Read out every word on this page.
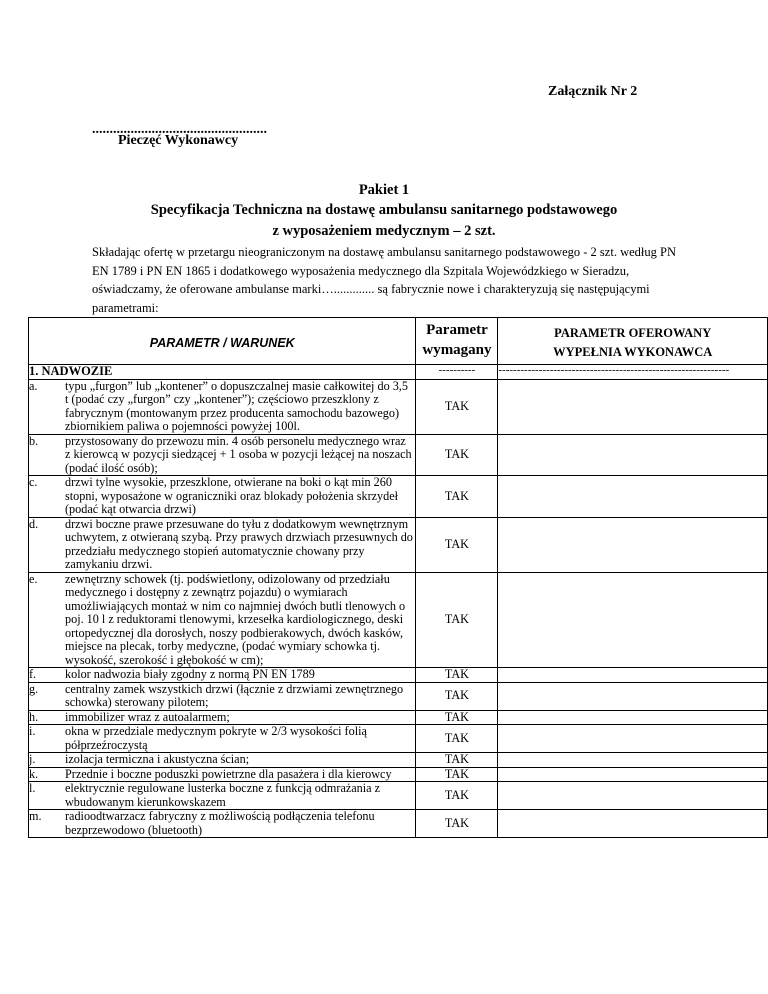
Załącznik Nr 2
..................................................
Pieczęć Wykonawcy
Pakiet 1
Specyfikacja Techniczna na dostawę ambulansu sanitarnego podstawowego
z wyposażeniem medycznym – 2 szt.
Składając ofertę w przetargu nieograniczonym na dostawę ambulansu sanitarnego podstawowego - 2 szt. według PN EN 1789 i PN EN 1865 i dodatkowego wyposażenia medycznego dla Szpitala Wojewódzkiego w Sieradzu, oświadczamy, że oferowane ambulanse marki…............. są fabrycznie nowe i charakteryzują się następującymi parametrami:
PARAMETR / WARUNEK	Parametr wymagany	PARAMETR OFEROWANY
WYPEŁNIA WYKONAWCA

1. NADWOZIE	----------	---------------------------------------------------------------

a. typu „furgon” lub „kontener” o dopuszczalnej masie całkowitej do 3,5 t (podać czy „furgon” czy „kontener”); częściowo przeszklony z fabrycznym (montowanym przez producenta samochodu bazowego) zbiornikiem paliwa o pojemności powyżej 100l.	TAK	

b. przystosowany do przewozu min. 4 osób personelu medycznego wraz z kierowcą w pozycji siedzącej + 1 osoba w pozycji leżącej na noszach (podać ilość osób);	TAK	

c. drzwi tylne wysokie, przeszklone, otwierane na boki o kąt min 260 stopni, wyposażone w ograniczniki oraz blokady położenia skrzydeł (podać kąt otwarcia drzwi)	TAK	

d. drzwi boczne prawe przesuwane do tyłu z dodatkowym wewnętrznym uchwytem, z otwieraną szybą. Przy prawych drzwiach przesuwnych do przedziału medycznego stopień automatycznie chowany przy zamykaniu drzwi.	TAK	

e. zewnętrzny schowek (tj. podświetlony, odizolowany od przedziału medycznego i dostępny z zewnątrz pojazdu) o wymiarach umożliwiających montaż w nim co najmniej dwóch butli tlenowych o poj. 10 l z reduktorami tlenowymi, krzesełka kardiologicznego, deski ortopedycznej dla dorosłych, noszy podbierakowych, dwóch kasków, miejsce na plecak, torby medyczne, (podać wymiary schowka tj. wysokość, szerokość i głębokość w cm);	TAK	

f. kolor nadwozia biały zgodny z normą PN EN 1789	TAK	

g. centralny zamek wszystkich drzwi (łącznie z drzwiami zewnętrznego schowka) sterowany pilotem;	TAK	

h. immobilizer wraz z autoalarmem;	TAK	

i. okna w przedziale medycznym pokryte w 2/3 wysokości folią półprzeźroczystą	TAK	

j. izolacja termiczna i akustyczna ścian;	TAK	

k. Przednie i boczne poduszki powietrzne dla pasażera i dla kierowcy	TAK	

l. elektrycznie regulowane lusterka boczne z funkcją odmrażania z wbudowanym kierunkowskazem	TAK	

m. radioodtwarzacz fabryczny z możliwością podłączenia telefonu bezprzewodowo (bluetooth)	TAK	
